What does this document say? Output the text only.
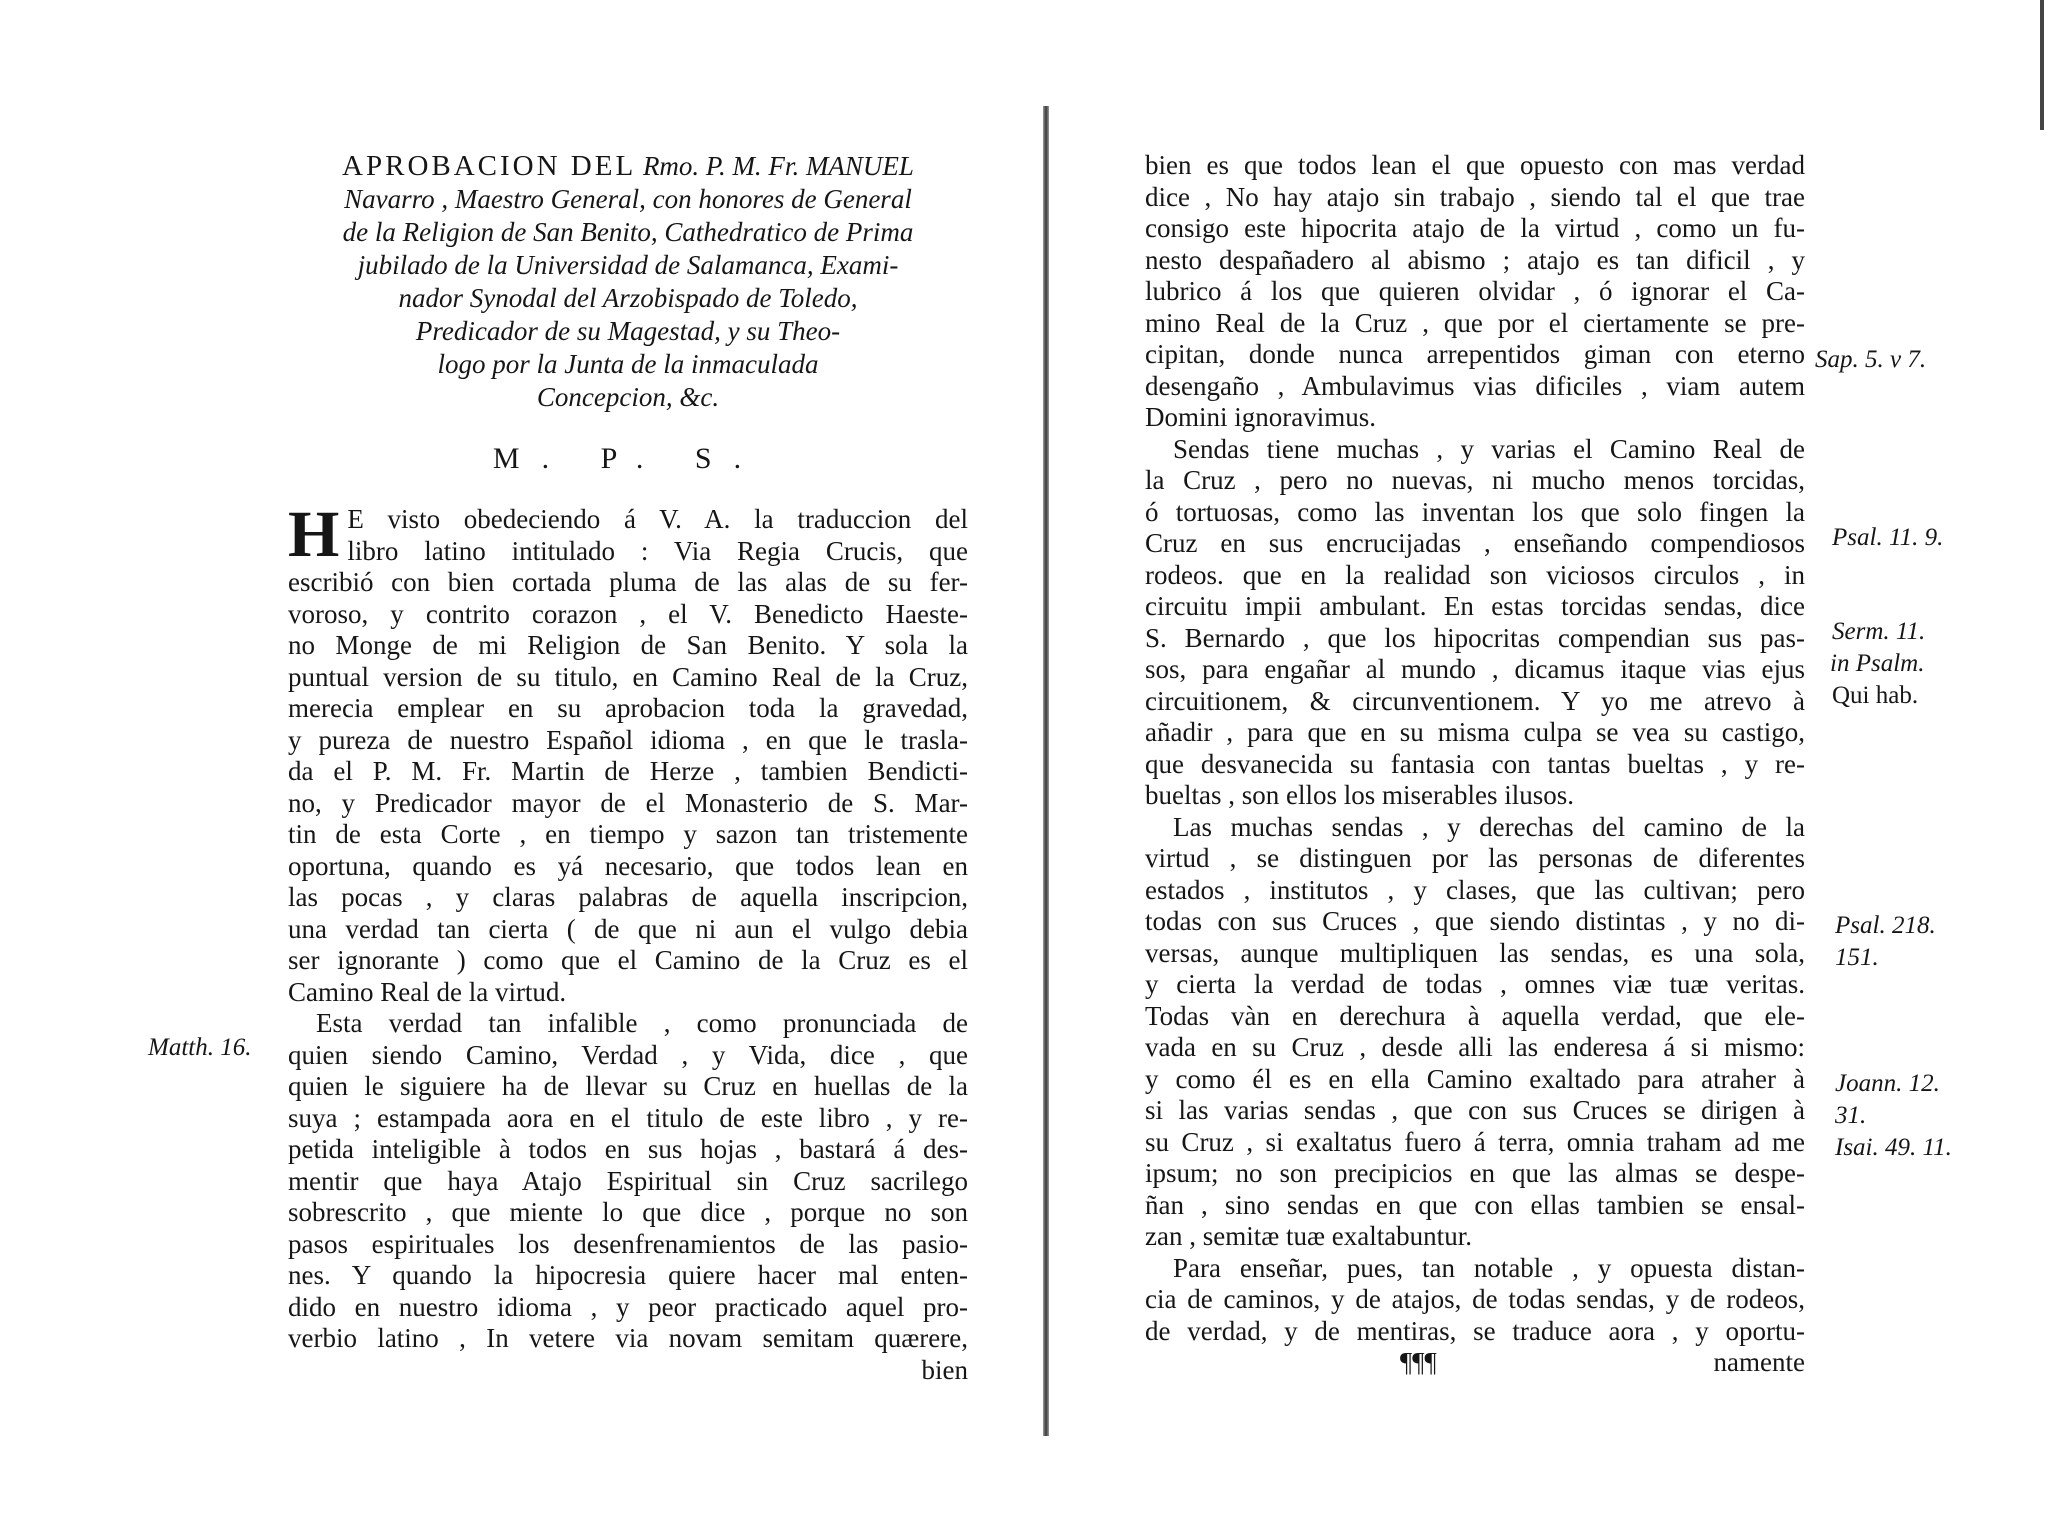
APROBACION DEL Rmo. P. M. Fr. MANUEL
Navarro , Maestro General, con honores de General
de la Religion de San Benito, Cathedratico de Prima
jubilado de la Universidad de Salamanca, Exami-
nador Synodal del Arzobispado de Toledo,
Predicador de su Magestad, y su Theo-
logo por la Junta de la inmaculada
Concepcion, &c.
M. P. S.
H E visto obedeciendo á V. A. la traduccion del
libro latino intitulado : Via Regia Crucis, que
escribió con bien cortada pluma de las alas de su fer-
voroso, y contrito corazon , el V. Benedicto Haeste-
no Monge de mi Religion de San Benito. Y sola la
puntual version de su titulo, en Camino Real de la Cruz,
merecia emplear en su aprobacion toda la gravedad,
y pureza de nuestro Español idioma , en que le trasla-
da el P. M. Fr. Martin de Herze , tambien Bendicti-
no, y Predicador mayor de el Monasterio de S. Mar-
tin de esta Corte , en tiempo y sazon tan tristemente
oportuna, quando es yá necesario, que todos lean en
las pocas , y claras palabras de aquella inscripcion,
una verdad tan cierta ( de que ni aun el vulgo debia
ser ignorante ) como que el Camino de la Cruz es el
Camino Real de la virtud.
Esta verdad tan infalible , como pronunciada de
quien siendo Camino, Verdad , y Vida, dice , que
quien le siguiere ha de llevar su Cruz en huellas de la
suya ; estampada aora en el titulo de este libro , y re-
petida inteligible à todos en sus hojas , bastará á des-
mentir que haya Atajo Espiritual sin Cruz sacrilego
sobrescrito , que miente lo que dice , porque no son
pasos espirituales los desenfrenamientos de las pasio-
nes. Y quando la hipocresia quiere hacer mal enten-
dido en nuestro idioma , y peor practicado aquel pro-
verbio latino , In vetere via novam semitam quærere,
bien
Matth. 16.
bien es que todos lean el que opuesto con mas verdad
dice , No hay atajo sin trabajo , siendo tal el que trae
consigo este hipocrita atajo de la virtud , como un fu-
nesto despañadero al abismo ; atajo es tan dificil , y
lubrico á los que quieren olvidar , ó ignorar el Ca-
mino Real de la Cruz , que por el ciertamente se pre-
cipitan, donde nunca arrepentidos giman con eterno
desengaño , Ambulavimus vias dificiles , viam autem
Domini ignoravimus.
Sendas tiene muchas , y varias el Camino Real de
la Cruz , pero no nuevas, ni mucho menos torcidas,
ó tortuosas, como las inventan los que solo fingen la
Cruz en sus encrucijadas , enseñando compendiosos
rodeos. que en la realidad son viciosos circulos , in
circuitu impii ambulant. En estas torcidas sendas, dice
S. Bernardo , que los hipocritas compendian sus pas-
sos, para engañar al mundo , dicamus itaque vias ejus
circuitionem, & circunventionem. Y yo me atrevo à
añadir , para que en su misma culpa se vea su castigo,
que desvanecida su fantasia con tantas bueltas , y re-
bueltas , son ellos los miserables ilusos.
Las muchas sendas , y derechas del camino de la
virtud , se distinguen por las personas de diferentes
estados , institutos , y clases, que las cultivan; pero
todas con sus Cruces , que siendo distintas , y no di-
versas, aunque multipliquen las sendas, es una sola,
y cierta la verdad de todas , omnes viæ tuæ veritas.
Todas vàn en derechura à aquella verdad, que ele-
vada en su Cruz , desde alli las enderesa á si mismo:
y como él es en ella Camino exaltado para atraher à
si las varias sendas , que con sus Cruces se dirigen à
su Cruz , si exaltatus fuero á terra, omnia traham ad me
ipsum; no son precipicios en que las almas se despe-
ñan , sino sendas en que con ellas tambien se ensal-
zan , semitæ tuæ exaltabuntur.
Para enseñar, pues, tan notable , y opuesta distan-
cia de caminos, y de atajos, de todas sendas, y de rodeos,
de verdad, y de mentiras, se traduce aora , y oportu-
¶¶¶	namente
Sap. 5. v 7.
Psal. 11. 9.
Serm. 11.
in Psalm.
Qui hab.
Psal. 218.
151.
Joann. 12.
31.
Isai. 49. 11.
